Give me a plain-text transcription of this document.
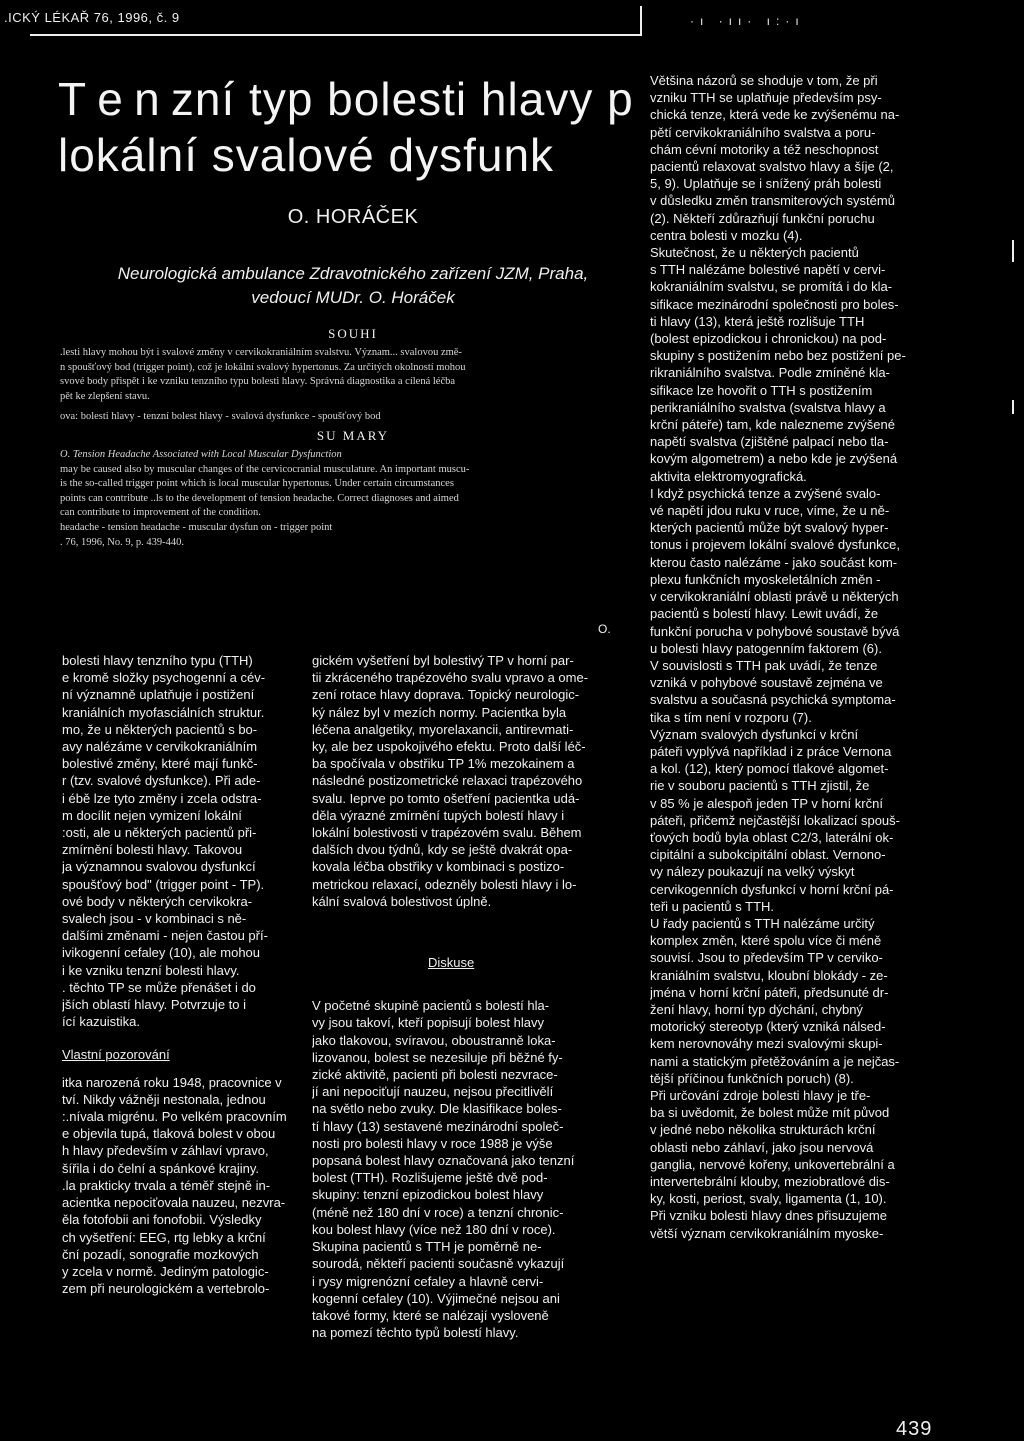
.ICKÝ LÉKAŘ 76, 1996, č. 9	·ı ·ıı· ı:·ı
T e n zní typ bolesti hlavy p
lokální svalové dysfunk
O. HORÁČEK
Neurologická ambulance Zdravotnického zařízení JZM, Praha,
vedoucí MUDr. O. Horáček
SOUHI
.lesti hlavy mohou být i svalové změny v cervikokraniálním svalstvu. Význam... svalovou změ-
n spoušťový bod (trigger point), což je lokální svalový hypertonus. Za určitých okolností mohou
svové body přispět i ke vzniku tenzního typu bolesti hlavy. Správná diagnostika a cílená léčba
pět ke zlepšení stavu.
ova: bolesti hlavy - tenzní bolest hlavy - svalová dysfunkce - spoušťový bod
SU MARY
O. Tension Headache Associated with Local Muscular Dysfunction
may be caused also by muscular changes of the cervicocranial musculature. An important muscu-
is the so-called trigger point which is local muscular hypertonus. Under certain circumstances
points can contribute ..ls to the development of tension headache. Correct diagnoses and aimed
can contribute to improvement of the condition.
headache - tension headache - muscular dysfun on - trigger point
. 76, 1996, No. 9, p. 439-440.
O.
bolesti hlavy tenzního typu (TTH)
e kromě složky psychogenní a cév-
ní významně uplatňuje i postižení
kraniálních myofasciálních struktur.
mo, že u některých pacientů s bo-
avy nalézáme v cervikokraniálním
bolestivé změny, které mají funkč-
r (tzv. svalové dysfunkce). Při ade-
i ébě lze tyto změny i zcela odstra-
m docílit nejen vymizení lokální
:osti, ale u některých pacientů při-
zmírnění bolesti hlavy. Takovou
ja významnou svalovou dysfunkcí
spoušťový bod" (trigger point - TP).
ové body v některých cervikokra-
svalech jsou - v kombinaci s ně-
dalšími změnami - nejen častou pří-
ivikogenní cefaley (10), ale mohou
i ke vzniku tenzní bolesti hlavy.
. těchto TP se může přenášet i do
jších oblastí hlavy. Potvrzuje to i
ící kazuistika.
Vlastní pozorování
itka narozená roku 1948, pracovnice v
tví. Nikdy vážněji nestonala, jednou
:.nívala migrénu. Po velkém pracovním
e objevila tupá, tlaková bolest v obou
h hlavy především v záhlaví vpravo,
šířila i do čelní a spánkové krajiny.
.la prakticky trvala a téměř stejně in-
acientka nepociťovala nauzeu, nezvra-
ěla fotofobii ani fonofobii. Výsledky
ch vyšetření: EEG, rtg lebky a krční
ční pozadí, sonografie mozkových
y zcela v normě. Jediným patologic-
zem při neurologickém a vertebrolo-
gickém vyšetření byl bolestivý TP v horní par-
tii zkráceného trapézového svalu vpravo a ome-
zení rotace hlavy doprava. Topický neurologic-
ký nález byl v mezích normy. Pacientka byla
léčena analgetiky, myorelaxancii, antirevmati-
ky, ale bez uspokojivého efektu. Proto další léč-
ba spočívala v obstřiku TP 1% mezokainem a
následné postizometrické relaxaci trapézového
svalu. Ieprve po tomto ošetření pacientka udá-
děla výrazné zmírnění tupých bolestí hlavy i
lokální bolestivosti v trapézovém svalu. Během
dalších dvou týdnů, kdy se ještě dvakrát opa-
kovala léčba obstřiky v kombinaci s postizo-
metrickou relaxací, odezněly bolesti hlavy i lo-
kální svalová bolestivost úplně.
Diskuse
V početné skupině pacientů s bolestí hla-
vy jsou takoví, kteří popisují bolest hlavy
jako tlakovou, svíravou, oboustranně loka-
lizovanou, bolest se nezesiluje při běžné fy-
zické aktivitě, pacienti při bolesti nezvrace-
jí ani nepociťují nauzeu, nejsou přecitlivělí
na světlo nebo zvuky. Dle klasifikace boles-
tí hlavy (13) sestavené mezinárodní společ-
nosti pro bolesti hlavy v roce 1988 je výše
popsaná bolest hlavy označovaná jako tenzní
bolest (TTH). Rozlišujeme ještě dvě pod-
skupiny: tenzní epizodickou bolest hlavy
(méně než 180 dní v roce) a tenzní chronic-
kou bolest hlavy (více než 180 dní v roce).
Skupina pacientů s TTH je poměrně ne-
sourodá, někteří pacienti současně vykazují
i rysy migrenózní cefaley a hlavně cervi-
kogenní cefaley (10). Výjimečné nejsou ani
takové formy, které se nalézají vysloveně
na pomezí těchto typů bolestí hlavy.
Většina názorů se shoduje v tom, že při
vzniku TTH se uplatňuje především psy-
chická tenze, která vede ke zvýšenému na-
pětí cervikokraniálního svalstva a poru-
chám cévní motoriky a též neschopnost
pacientů relaxovat svalstvo hlavy a šíje (2,
5, 9). Uplatňuje se i snížený práh bolesti
v důsledku změn transmiterových systémů
(2). Někteří zdůrazňují funkční poruchu
centra bolesti v mozku (4).
Skutečnost, že u některých pacientů
s TTH nalézáme bolestivé napětí v cervi-
kokraniálním svalstvu, se promítá i do kla-
sifikace mezinárodní společnosti pro boles-
ti hlavy (13), která ještě rozlišuje TTH
(bolest epizodickou i chronickou) na pod-
skupiny s postižením nebo bez postižení pe-
rikraniálního svalstva. Podle zmíněné kla-
sifikace lze hovořit o TTH s postižením
perikraniálního svalstva (svalstva hlavy a
krční páteře) tam, kde nalezneme zvýšené
napětí svalstva (zjištěné palpací nebo tla-
kovým algometrem) a nebo kde je zvýšená
aktivita elektromyografická.
I když psychická tenze a zvýšené svalo-
vé napětí jdou ruku v ruce, víme, že u ně-
kterých pacientů může být svalový hyper-
tonus i projevem lokální svalové dysfunkce,
kterou často nalézáme - jako součást kom-
plexu funkčních myoskeletálních změn -
v cervikokraniální oblasti právě u některých
pacientů s bolestí hlavy. Lewit uvádí, že
funkční porucha v pohybové soustavě bývá
u bolesti hlavy patogenním faktorem (6).
V souvislosti s TTH pak uvádí, že tenze
vzniká v pohybové soustavě zejména ve
svalstvu a současná psychická symptoma-
tika s tím není v rozporu (7).
Význam svalových dysfunkcí v krční
páteři vyplývá například i z práce Vernona
a kol. (12), který pomocí tlakové algomet-
rie v souboru pacientů s TTH zjistil, že
v 85 % je alespoň jeden TP v horní krční
páteři, přičemž nejčastější lokalizací spouš-
ťových bodů byla oblast C2/3, laterální ok-
cipitální a subokcipitální oblast. Vernono-
vy nálezy poukazují na velký výskyt
cervikogenních dysfunkcí v horní krční pá-
teři u pacientů s TTH.
U řady pacientů s TTH nalézáme určitý
komplex změn, které spolu více či méně
souvisí. Jsou to především TP v cerviko-
kraniálním svalstvu, kloubní blokády - ze-
jména v horní krční páteři, předsunuté dr-
žení hlavy, horní typ dýchání, chybný
motorický stereotyp (který vzniká nálsed-
kem nerovnováhy mezi svalovými skupi-
nami a statickým přetěžováním a je nejčas-
tější příčinou funkčních poruch) (8).
Při určování zdroje bolesti hlavy je tře-
ba si uvědomit, že bolest může mít původ
v jedné nebo několika strukturách krční
oblasti nebo záhlaví, jako jsou nervová
ganglia, nervové kořeny, unkovertebrální a
intervertebrální klouby, meziobratlové dis-
ky, kosti, periost, svaly, ligamenta (1, 10).
Při vzniku bolesti hlavy dnes přisuzujeme
větší význam cervikokraniálním myoske-
439
